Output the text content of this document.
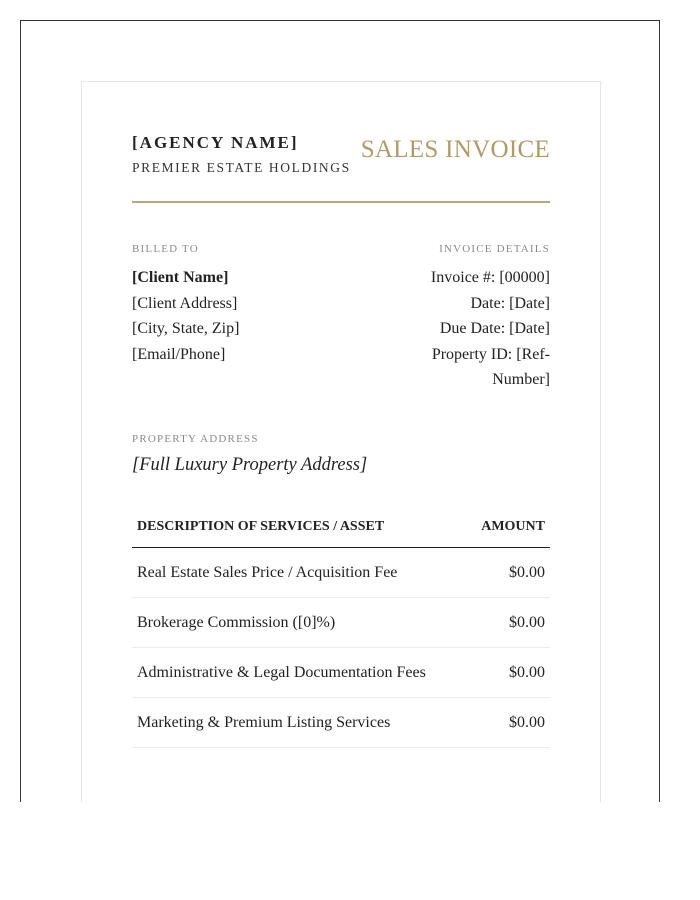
[AGENCY NAME]
PREMIER ESTATE HOLDINGS
SALES INVOICE
BILLED TO
[Client Name]
[Client Address]
[City, State, Zip]
[Email/Phone]
INVOICE DETAILS
Invoice #: [00000]
Date: [Date]
Due Date: [Date]
Property ID: [Ref-
Number]
PROPERTY ADDRESS
[Full Luxury Property Address]
DESCRIPTION OF SERVICES / ASSET	AMOUNT
Real Estate Sales Price / Acquisition Fee	$0.00
Brokerage Commission ([0]%)	$0.00
Administrative & Legal Documentation Fees	$0.00
Marketing & Premium Listing Services	$0.00
